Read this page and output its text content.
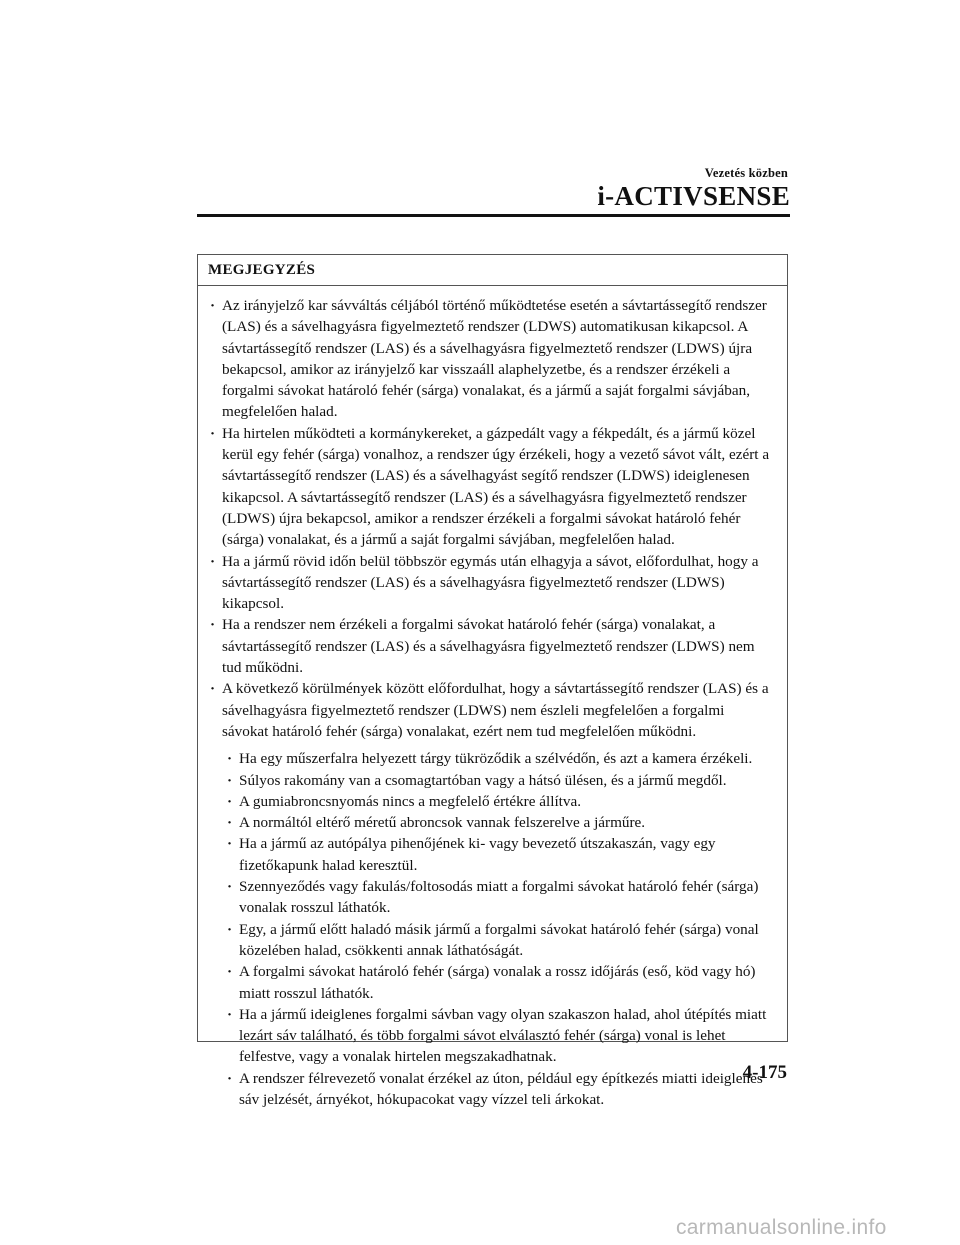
Vezetés közben
i-ACTIVSENSE
MEGJEGYZÉS
· Az irányjelző kar sávváltás céljából történő működtetése esetén a sávtartássegítő rendszer (LAS) és a sávelhagyásra figyelmeztető rendszer (LDWS) automatikusan kikapcsol. A sávtartássegítő rendszer (LAS) és a sávelhagyásra figyelmeztető rendszer (LDWS) újra bekapcsol, amikor az irányjelző kar visszaáll alaphelyzetbe, és a rendszer érzékeli a forgalmi sávokat határoló fehér (sárga) vonalakat, és a jármű a saját forgalmi sávjában, megfelelően halad.
· Ha hirtelen működteti a kormánykereket, a gázpedált vagy a fékpedált, és a jármű közel kerül egy fehér (sárga) vonalhoz, a rendszer úgy érzékeli, hogy a vezető sávot vált, ezért a sávtartássegítő rendszer (LAS) és a sávelhagyást segítő rendszer (LDWS) ideiglenesen kikapcsol. A sávtartássegítő rendszer (LAS) és a sávelhagyásra figyelmeztető rendszer (LDWS) újra bekapcsol, amikor a rendszer érzékeli a forgalmi sávokat határoló fehér (sárga) vonalakat, és a jármű a saját forgalmi sávjában, megfelelően halad.
· Ha a jármű rövid időn belül többször egymás után elhagyja a sávot, előfordulhat, hogy a sávtartássegítő rendszer (LAS) és a sávelhagyásra figyelmeztető rendszer (LDWS) kikapcsol.
· Ha a rendszer nem érzékeli a forgalmi sávokat határoló fehér (sárga) vonalakat, a sávtartássegítő rendszer (LAS) és a sávelhagyásra figyelmeztető rendszer (LDWS) nem tud működni.
· A következő körülmények között előfordulhat, hogy a sávtartássegítő rendszer (LAS) és a sávelhagyásra figyelmeztető rendszer (LDWS) nem észleli megfelelően a forgalmi sávokat határoló fehér (sárga) vonalakat, ezért nem tud megfelelően működni.
· Ha egy műszerfalra helyezett tárgy tükröződik a szélvédőn, és azt a kamera érzékeli.
· Súlyos rakomány van a csomagtartóban vagy a hátsó ülésen, és a jármű megdől.
· A gumiabroncsnyomás nincs a megfelelő értékre állítva.
· A normáltól eltérő méretű abroncsok vannak felszerelve a járműre.
· Ha a jármű az autópálya pihenőjének ki- vagy bevezető útszakaszán, vagy egy fizetőkapunk halad keresztül.
· Szennyeződés vagy fakulás/foltosodás miatt a forgalmi sávokat határoló fehér (sárga) vonalak rosszul láthatók.
· Egy, a jármű előtt haladó másik jármű a forgalmi sávokat határoló fehér (sárga) vonal közelében halad, csökkenti annak láthatóságát.
· A forgalmi sávokat határoló fehér (sárga) vonalak a rossz időjárás (eső, köd vagy hó) miatt rosszul láthatók.
· Ha a jármű ideiglenes forgalmi sávban vagy olyan szakaszon halad, ahol útépítés miatt lezárt sáv található, és több forgalmi sávot elválasztó fehér (sárga) vonal is lehet felfestve, vagy a vonalak hirtelen megszakadhatnak.
· A rendszer félrevezető vonalat érzékel az úton, például egy építkezés miatti ideiglenes sáv jelzését, árnyékot, hókupacokat vagy vízzel teli árkokat.
4-175
carmanualsonline.info
